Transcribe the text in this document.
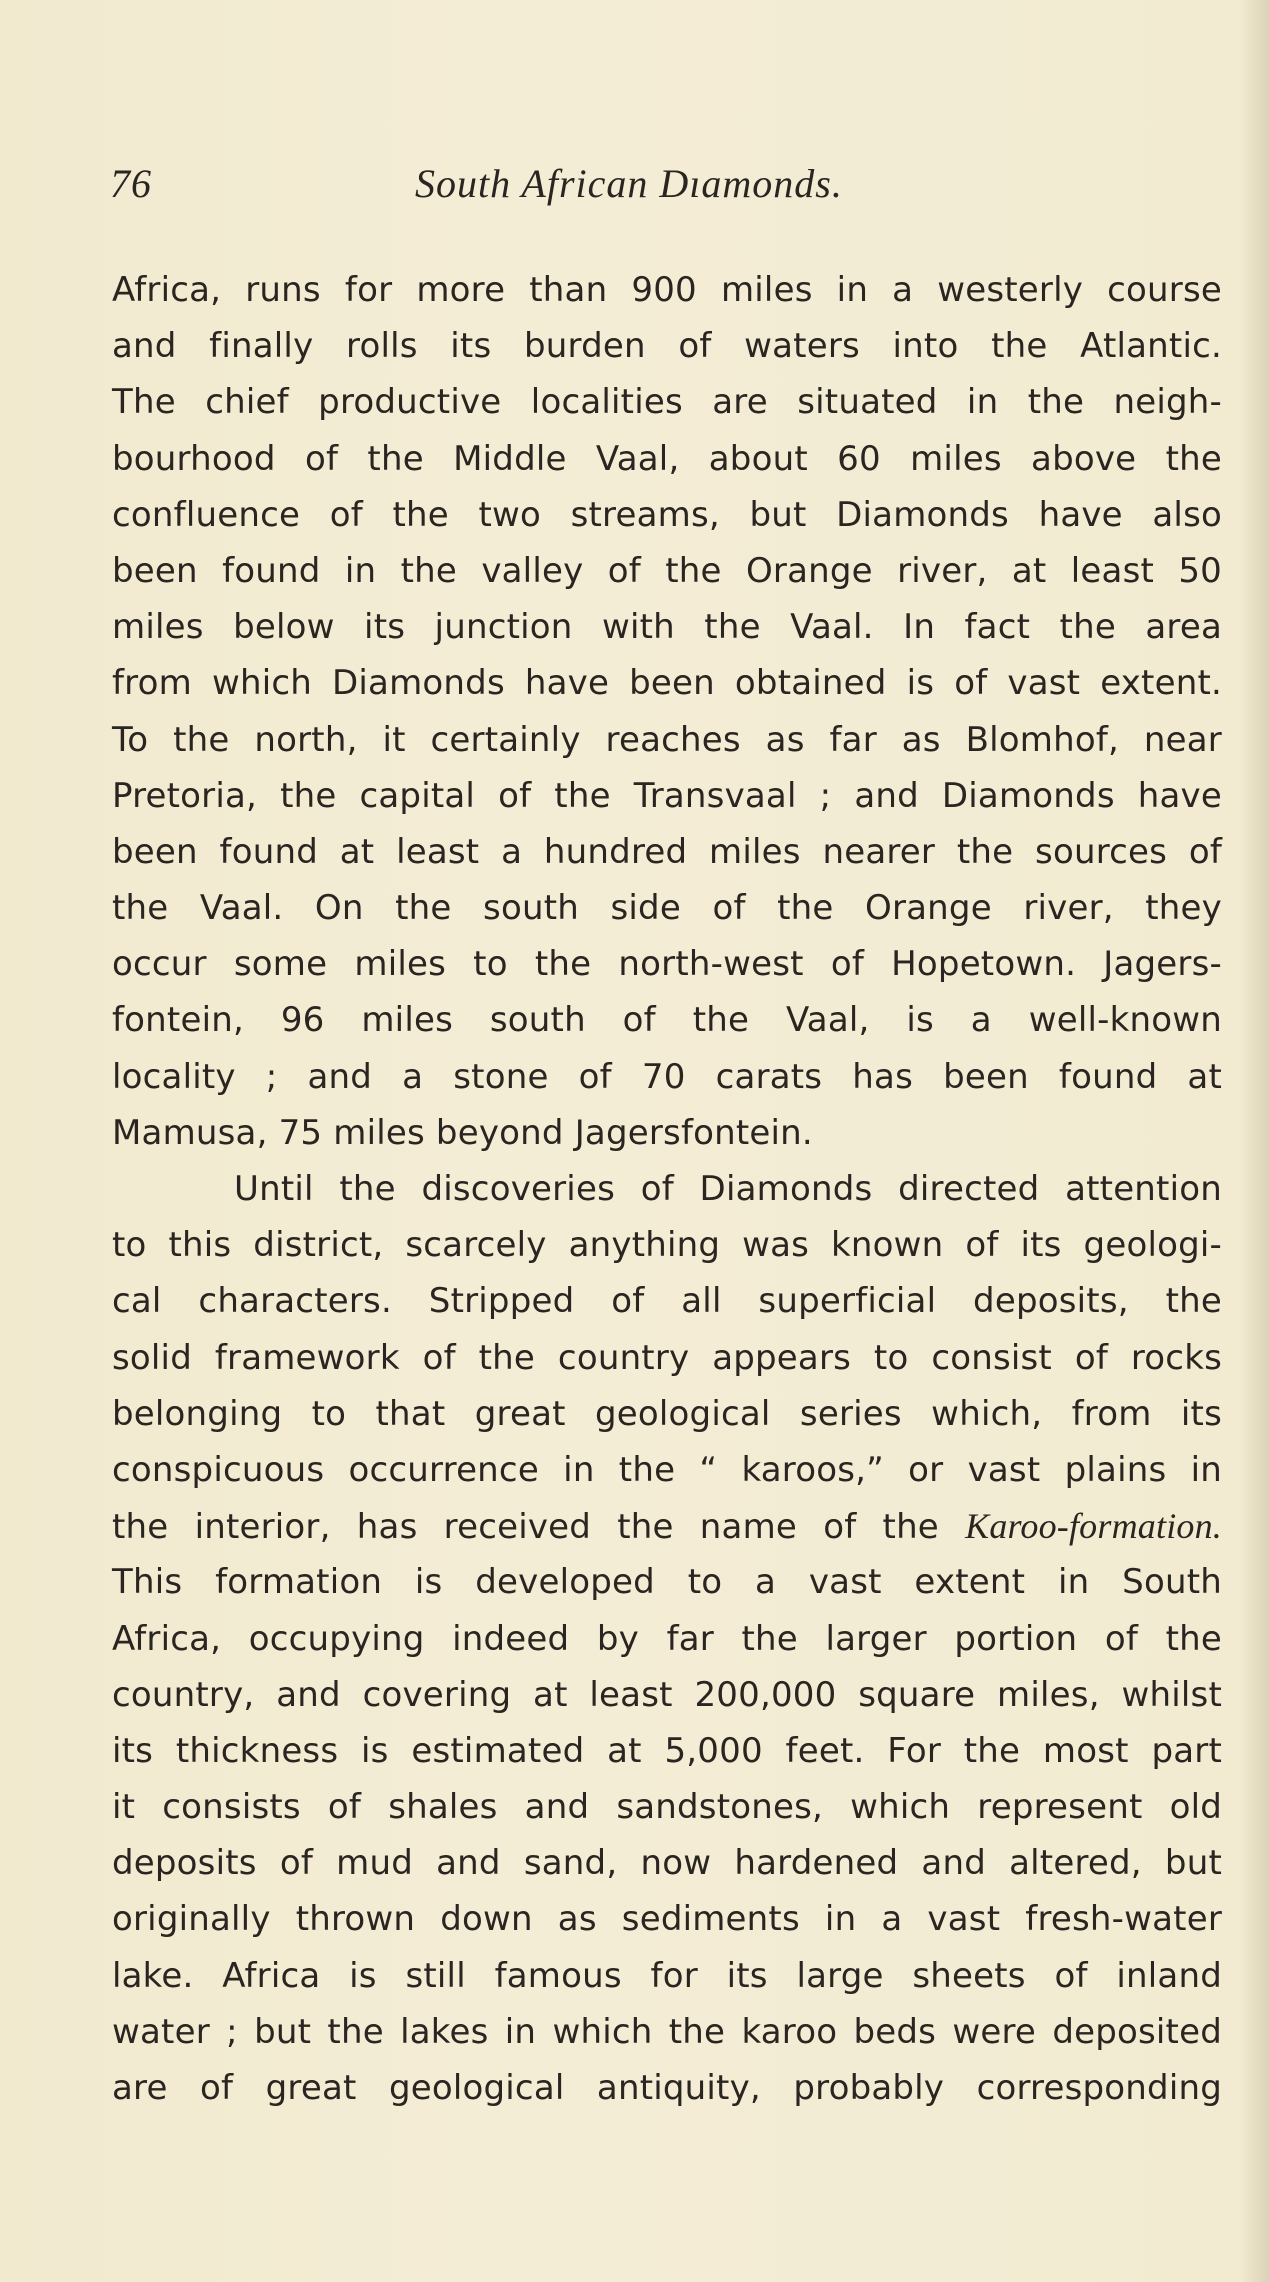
76	South African Dıamonds.
Africa, runs for more than 900 miles in a westerly course
and finally rolls its burden of waters into the Atlantic.
The chief productive localities are situated in the neigh-
bourhood of the Middle Vaal, about 60 miles above the
confluence of the two streams, but Diamonds have also
been found in the valley of the Orange river, at least 50
miles below its junction with the Vaal. In fact the area
from which Diamonds have been obtained is of vast extent.
To the north, it certainly reaches as far as Blomhof, near
Pretoria, the capital of the Transvaal ; and Diamonds have
been found at least a hundred miles nearer the sources of
the Vaal. On the south side of the Orange river, they
occur some miles to the north-west of Hopetown. Jagers-
fontein, 96 miles south of the Vaal, is a well-known
locality ; and a stone of 70 carats has been found at
Mamusa, 75 miles beyond Jagersfontein.
Until the discoveries of Diamonds directed attention
to this district, scarcely anything was known of its geologi-
cal characters. Stripped of all superficial deposits, the
solid framework of the country appears to consist of rocks
belonging to that great geological series which, from its
conspicuous occurrence in the “ karoos,” or vast plains in
the interior, has received the name of the Karoo-formation.
This formation is developed to a vast extent in South
Africa, occupying indeed by far the larger portion of the
country, and covering at least 200,000 square miles, whilst
its thickness is estimated at 5,000 feet. For the most part
it consists of shales and sandstones, which represent old
deposits of mud and sand, now hardened and altered, but
originally thrown down as sediments in a vast fresh-water
lake. Africa is still famous for its large sheets of inland
water ; but the lakes in which the karoo beds were deposited
are of great geological antiquity, probably corresponding
